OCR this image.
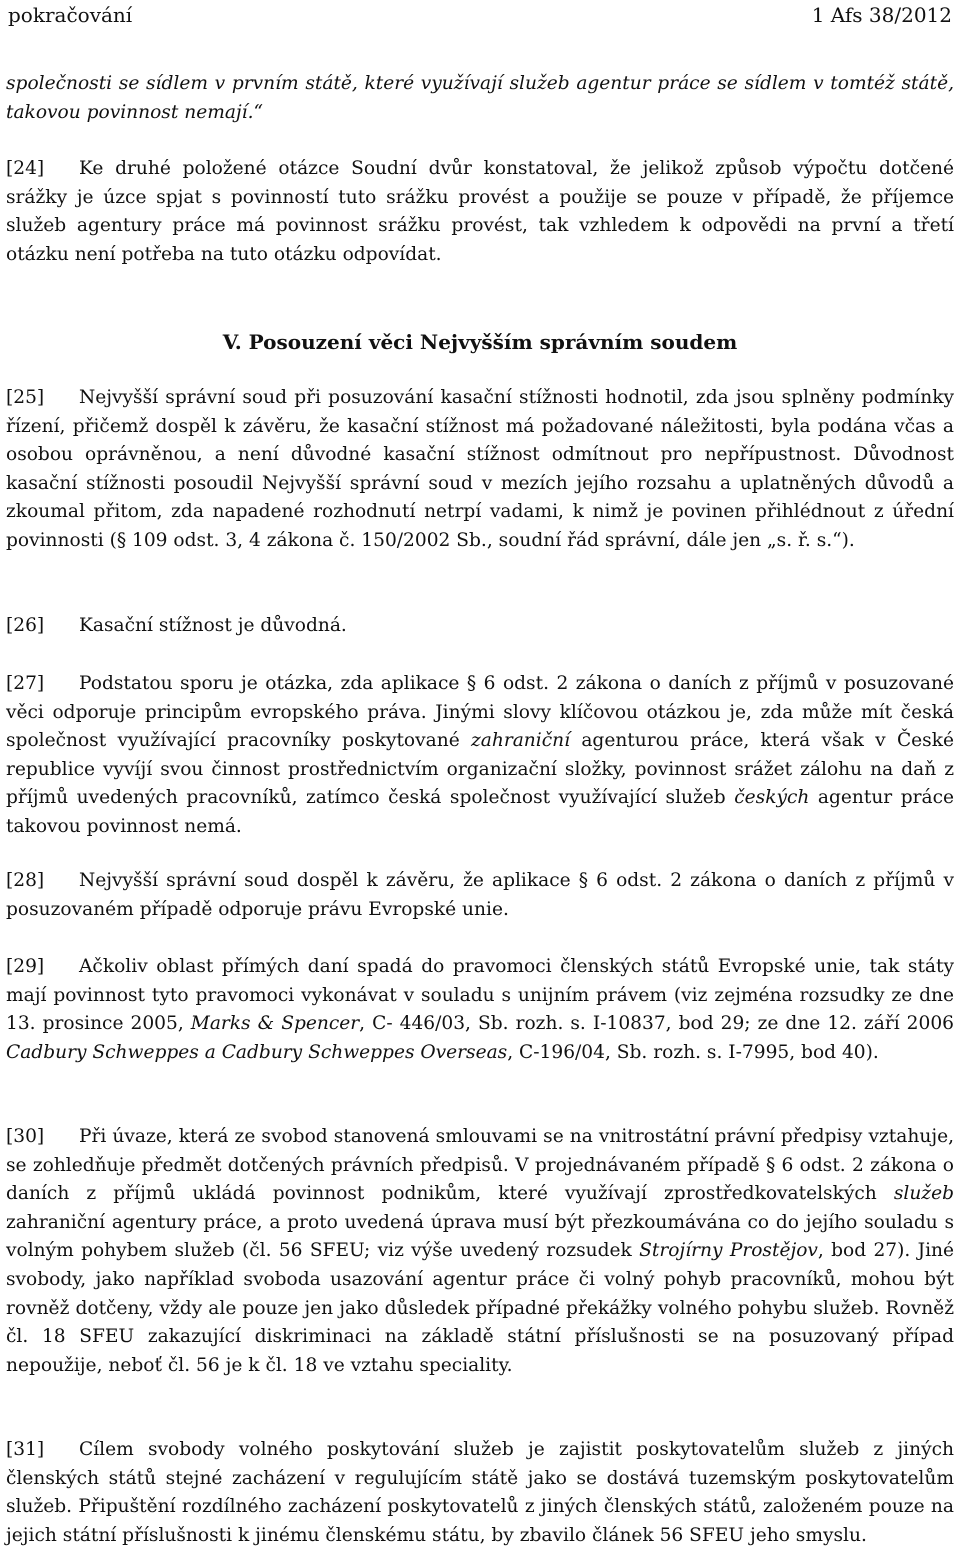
pokračování	1 Afs 38/2012

společnosti se sídlem v prvním státě, které využívají služeb agentur práce se sídlem v tomtéž státě, takovou povinnost nemají.“

[24] Ke druhé položené otázce Soudní dvůr konstatoval, že jelikož způsob výpočtu dotčené srážky je úzce spjat s povinností tuto srážku provést a použije se pouze v případě, že příjemce služeb agentury práce má povinnost srážku provést, tak vzhledem k odpovědi na první a třetí otázku není potřeba na tuto otázku odpovídat.

V. Posouzení věci Nejvyšším správním soudem

[25] Nejvyšší správní soud při posuzování kasační stížnosti hodnotil, zda jsou splněny podmínky řízení, přičemž dospěl k závěru, že kasační stížnost má požadované náležitosti, byla podána včas a osobou oprávněnou, a není důvodné kasační stížnost odmítnout pro nepřípustnost. Důvodnost kasační stížnosti posoudil Nejvyšší správní soud v mezích jejího rozsahu a uplatněných důvodů a zkoumal přitom, zda napadené rozhodnutí netrpí vadami, k nimž je povinen přihlédnout z úřední povinnosti (§ 109 odst. 3, 4 zákona č. 150/2002 Sb., soudní řád správní, dále jen „s. ř. s.“).

[26] Kasační stížnost je důvodná.

[27] Podstatou sporu je otázka, zda aplikace § 6 odst. 2 zákona o daních z příjmů v posuzované věci odporuje principům evropského práva. Jinými slovy klíčovou otázkou je, zda může mít česká společnost využívající pracovníky poskytované zahraniční agenturou práce, která však v České republice vyvíjí svou činnost prostřednictvím organizační složky, povinnost srážet zálohu na daň z příjmů uvedených pracovníků, zatímco česká společnost využívající služeb českých agentur práce takovou povinnost nemá.

[28] Nejvyšší správní soud dospěl k závěru, že aplikace § 6 odst. 2 zákona o daních z příjmů v posuzovaném případě odporuje právu Evropské unie.

[29] Ačkoliv oblast přímých daní spadá do pravomoci členských států Evropské unie, tak státy mají povinnost tyto pravomoci vykonávat v souladu s unijním právem (viz zejména rozsudky ze dne 13. prosince 2005, Marks & Spencer, C- 446/03, Sb. rozh. s. I-10837, bod 29; ze dne 12. září 2006 Cadbury Schweppes a Cadbury Schweppes Overseas, C-196/04, Sb. rozh. s. I-7995, bod 40).

[30] Při úvaze, která ze svobod stanovená smlouvami se na vnitrostátní právní předpisy vztahuje, se zohledňuje předmět dotčených právních předpisů. V projednávaném případě § 6 odst. 2 zákona o daních z příjmů ukládá povinnost podnikům, které využívají zprostředkovatelských služeb zahraniční agentury práce, a proto uvedená úprava musí být přezkoumávána co do jejího souladu s volným pohybem služeb (čl. 56 SFEU; viz výše uvedený rozsudek Strojírny Prostějov, bod 27). Jiné svobody, jako například svoboda usazování agentur práce či volný pohyb pracovníků, mohou být rovněž dotčeny, vždy ale pouze jen jako důsledek případné překážky volného pohybu služeb. Rovněž čl. 18 SFEU zakazující diskriminaci na základě státní příslušnosti se na posuzovaný případ nepoužije, neboť čl. 56 je k čl. 18 ve vztahu speciality.

[31] Cílem svobody volného poskytování služeb je zajistit poskytovatelům služeb z jiných členských států stejné zacházení v regulujícím státě jako se dostává tuzemským poskytovatelům služeb. Připuštění rozdílného zacházení poskytovatelů z jiných členských států, založeném pouze na jejich státní příslušnosti k jinému členskému státu, by zbavilo článek 56 SFEU jeho smyslu.
